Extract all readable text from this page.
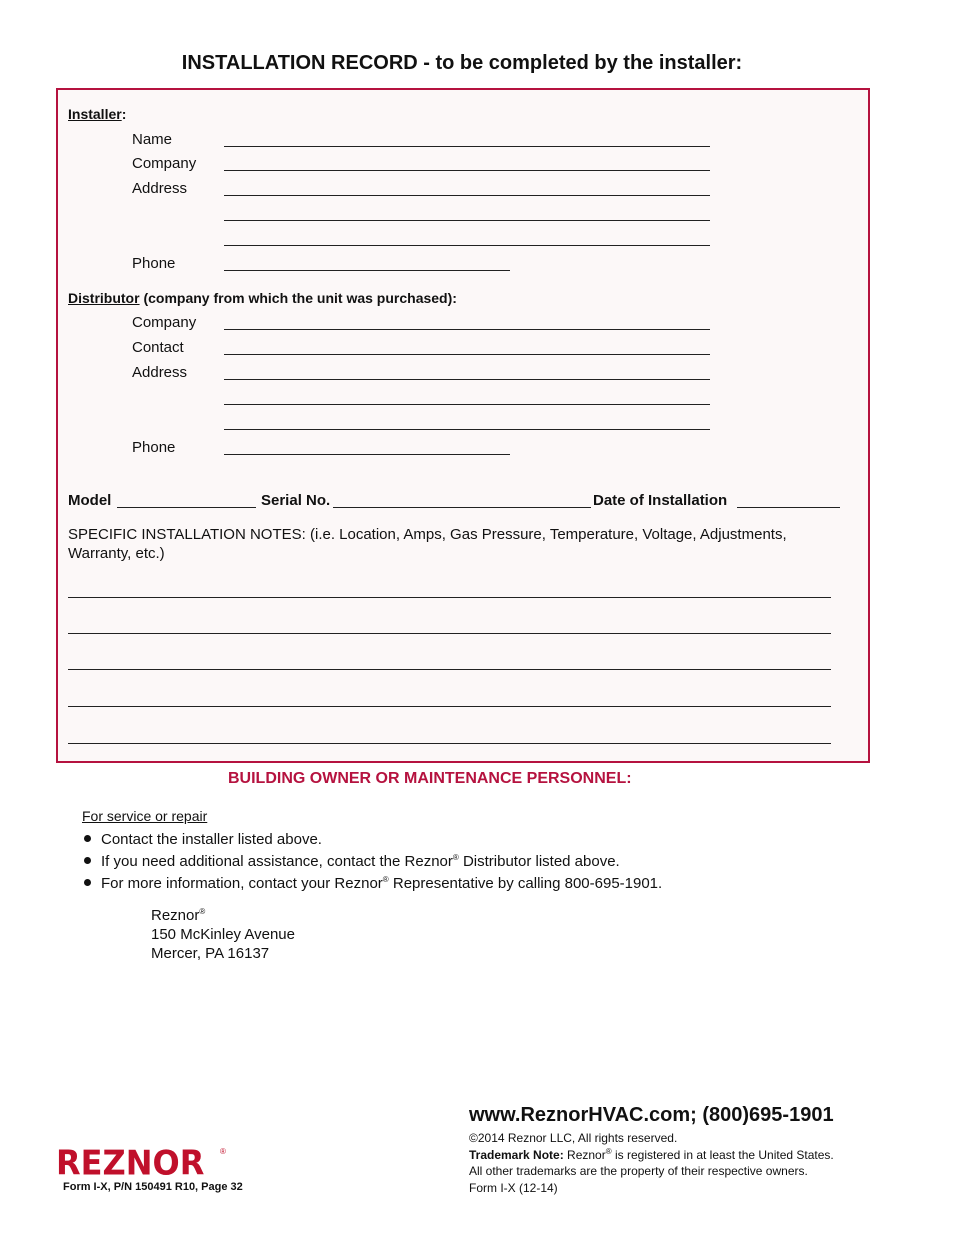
INSTALLATION RECORD - to be completed by the installer:
Installer:
Name
Company
Address
Phone
Distributor (company from which the unit was purchased):
Company
Contact
Address
Phone
Model	Serial No.	Date of Installation
SPECIFIC INSTALLATION NOTES: (i.e. Location, Amps, Gas Pressure, Temperature, Voltage, Adjustments,
Warranty, etc.)
BUILDING OWNER OR MAINTENANCE PERSONNEL:
For service or repair
Contact the installer listed above.
If you need additional assistance, contact the Reznor® Distributor listed above.
For more information, contact your Reznor® Representative by calling 800-695-1901.
Reznor®
150 McKinley Avenue
Mercer, PA 16137
www.ReznorHVAC.com; (800)695-1901
©2014 Reznor LLC, All rights reserved.
Trademark Note: Reznor® is registered in at least the United States.
All other trademarks are the property of their respective owners.
Form I-X (12-14)
REZNOR ®
Form I-X, P/N 150491 R10, Page 32
